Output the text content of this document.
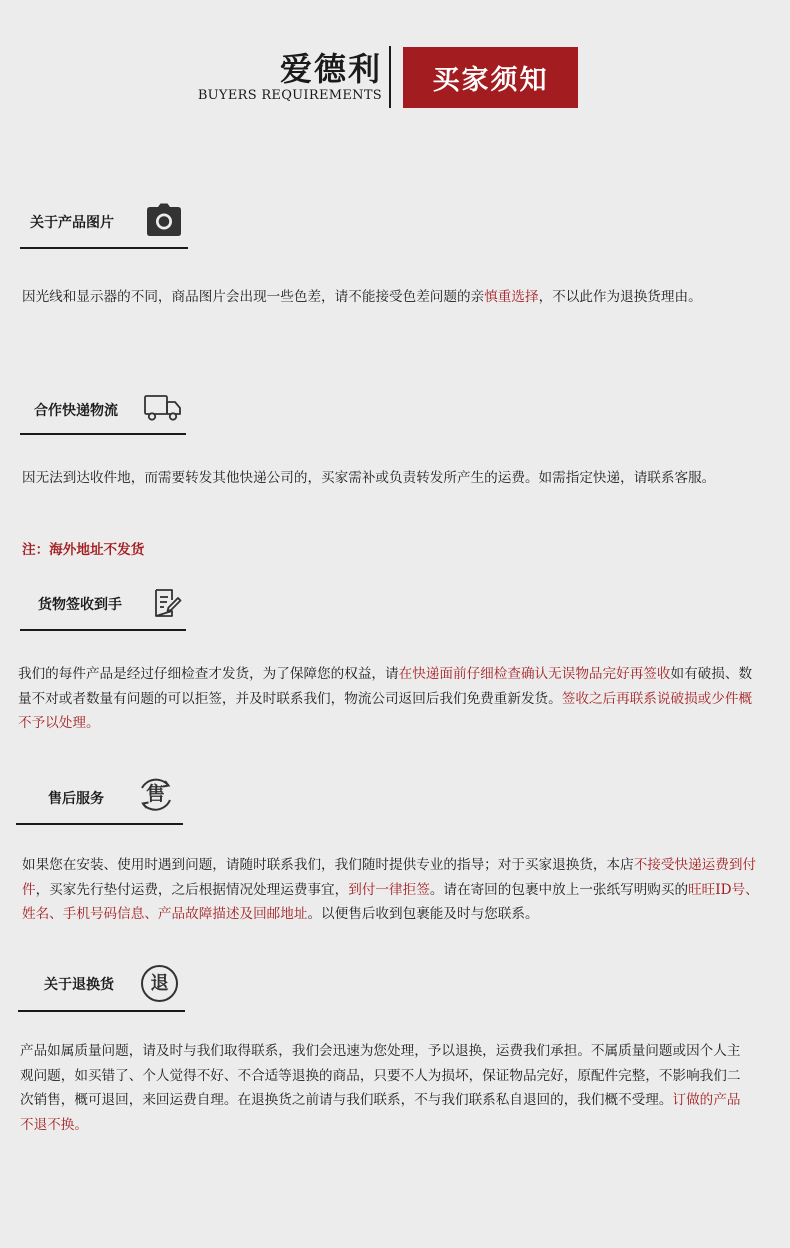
爱德利
BUYERS REQUIREMENTS	买家须知
关于产品图片
因光线和显示器的不同，商品图片会出现一些色差，请不能接受色差问题的亲慎重选择，不以此作为退换货理由。
合作快递物流
因无法到达收件地，而需要转发其他快递公司的，买家需补或负责转发所产生的运费。如需指定快递，请联系客服。
注：海外地址不发货
货物签收到手
我们的每件产品是经过仔细检查才发货，为了保障您的权益，请在快递面前仔细检查确认无误物品完好再签收如有破损、数量不对或者数量有问题的可以拒签，并及时联系我们，物流公司返回后我们免费重新发货。签收之后再联系说破损或少件概不予以处理。
售后服务	售
如果您在安装、使用时遇到问题，请随时联系我们，我们随时提供专业的指导；对于买家退换货，本店不接受快递运费到付件，买家先行垫付运费，之后根据情况处理运费事宜，到付一律拒签。请在寄回的包裹中放上一张纸写明购买的旺旺ID号、姓名、手机号码信息、产品故障描述及回邮地址。以便售后收到包裹能及时与您联系。
关于退换货	退
产品如属质量问题，请及时与我们取得联系，我们会迅速为您处理，予以退换，运费我们承担。不属质量问题或因个人主观问题，如买错了、个人觉得不好、不合适等退换的商品，只要不人为损坏，保证物品完好，原配件完整，不影响我们二次销售，概可退回，来回运费自理。在退换货之前请与我们联系，不与我们联系私自退回的，我们概不受理。订做的产品不退不换。
